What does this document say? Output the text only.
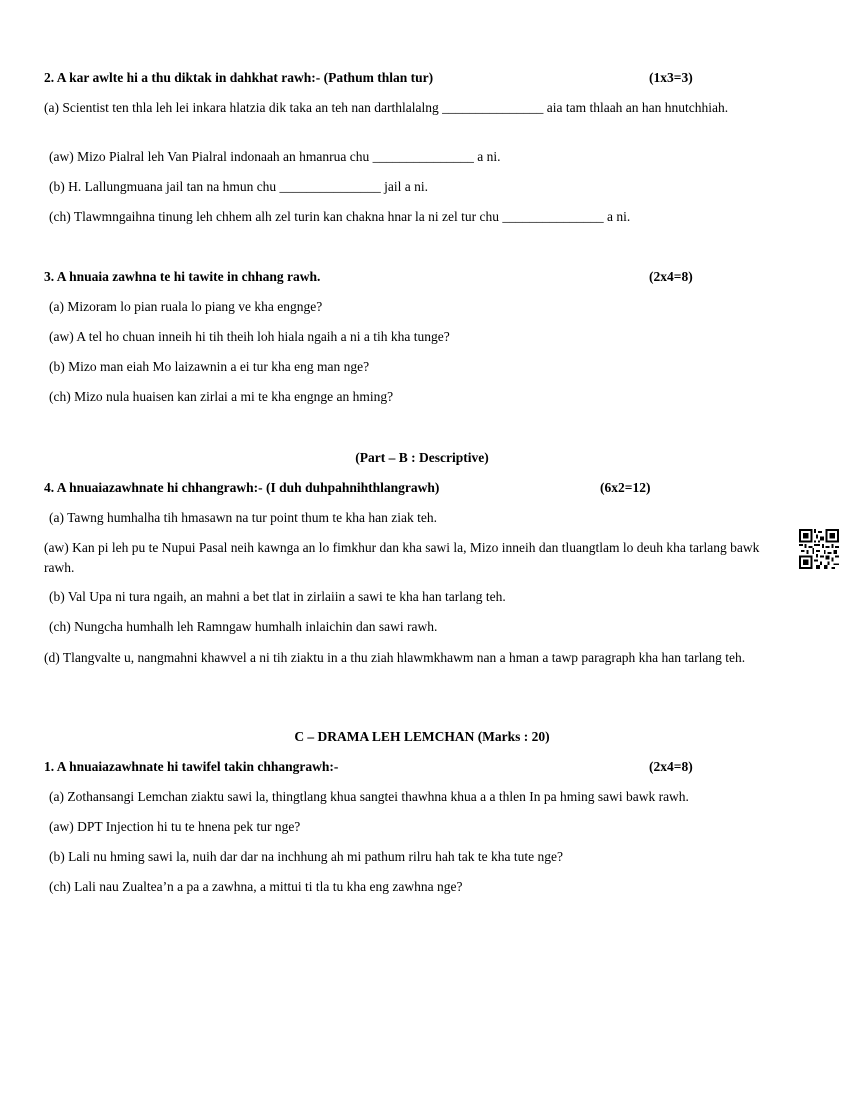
2. A kar awlte hi a thu diktak in dahkhat rawh:- (Pathum thlan tur)	(1x3=3)
(a) Scientist ten thla leh lei inkara hlatzia dik taka an teh nan darthlalalng _______________ aia tam thlaah an han hnutchhiah.
(aw) Mizo Pialral leh Van Pialral indonaah an hmanrua chu _______________ a ni.
(b) H. Lallungmuana jail tan na hmun chu _______________ jail a ni.
(ch) Tlawmngaihna tinung leh chhem alh zel turin kan chakna hnar la ni zel tur chu _______________ a ni.
3. A hnuaia zawhna te hi tawite in chhang rawh.	(2x4=8)
(a) Mizoram lo pian ruala lo piang ve kha engnge?
(aw) A tel ho chuan inneih hi tih theih loh hiala ngaih a ni a tih kha tunge?
(b) Mizo man eiah Mo laizawnin a ei tur kha eng man nge?
(ch) Mizo nula huaisen kan zirlai a mi te kha engnge an hming?
(Part – B : Descriptive)
4. A hnuaiazawhnate hi chhangrawh:- (I duh duhpahnihthlangrawh)	(6x2=12)
(a) Tawng humhalha tih hmasawn na tur point thum te kha han ziak teh.
(aw) Kan pi leh pu te Nupui Pasal neih kawnga an lo fimkhur dan kha sawi la, Mizo inneih dan tluangtlam lo deuh kha tarlang bawk rawh.
(b) Val Upa ni tura ngaih, an mahni a bet tlat in zirlaiin a sawi te kha han tarlang teh.
(ch) Nungcha humhalh leh Ramngaw humhalh inlaichin dan sawi rawh.
(d) Tlangvalte u, nangmahni khawvel a ni tih ziaktu in a thu ziah hlawmkhawm nan a hman a tawp paragraph kha han tarlang teh.
C – DRAMA LEH LEMCHAN (Marks : 20)
1. A hnuaiazawhnate hi tawifel takin chhangrawh:-	(2x4=8)
(a) Zothansangi Lemchan ziaktu sawi la, thingtlang khua sangtei thawhna khua a a thlen In pa hming sawi bawk rawh.
(aw) DPT Injection hi tu te hnena pek tur nge?
(b) Lali nu hming sawi la, nuih dar dar na inchhung ah mi pathum rilru hah tak te kha tute nge?
(ch) Lali nau Zualtea’n a pa a zawhna, a mittui ti tla tu kha eng zawhna nge?
